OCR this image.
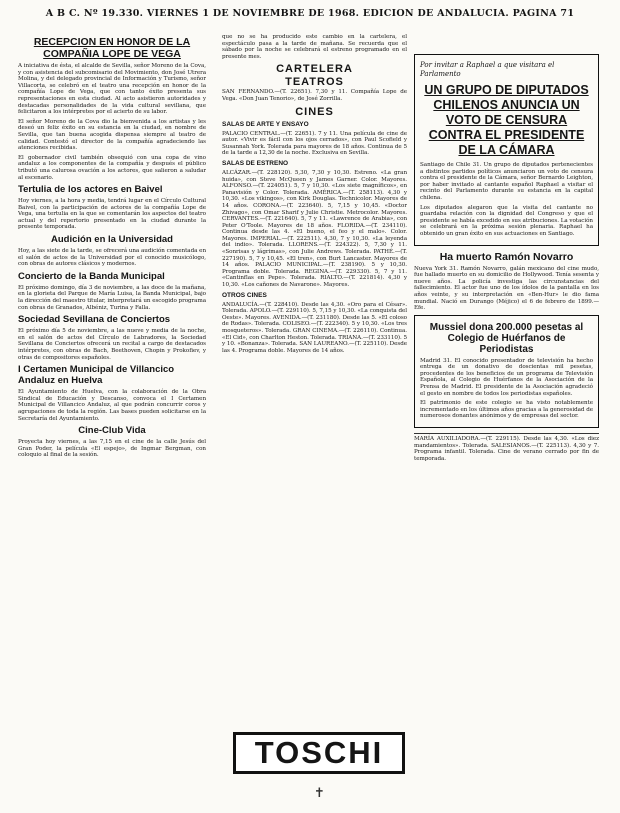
A B C. Nº 19.330. VIERNES 1 DE NOVIEMBRE DE 1968. EDICION DE ANDALUCIA. PAGINA 71
RECEPCION EN HONOR DE LA COMPAÑIA LOPE DE VEGA

A iniciativa de ésta, el alcalde de Sevilla, señor Moreno de la Cova, y con asistencia del subcomisario del Movimiento, don José Utrera Molina, y del delegado provincial de Información y Turismo, señor Villacorta, se celebró en el teatro una recepción en honor de la compañía Lope de Vega, que con tanto éxito presenta sus representaciones en esta ciudad. Al acto asistieron autoridades y destacadas personalidades de la vida cultural sevillana, que felicitaron a los intérpretes por el acierto de su labor.

El señor Moreno de la Cova dio la bienvenida a los artistas y les deseó un feliz éxito en su estancia en la ciudad, en nombre de Sevilla, que tan buena acogida dispensa siempre al teatro de calidad. Contestó el director de la compañía agradeciendo las atenciones recibidas.

El gobernador civil también obsequió con una copa de vino andaluz a los componentes de la compañía y después el público tributó una calurosa ovación a los actores, que salieron a saludar al escenario.

Tertulia de los actores en Baivel

Hoy viernes, a la hora y media, tendrá lugar en el Círculo Cultural Baivel, con la participación de actores de la compañía Lope de Vega, una tertulia en la que se comentarán los aspectos del teatro actual y del repertorio presentado en la ciudad durante la presente temporada.

Audición en la Universidad

Hoy, a las siete de la tarde, se ofrecerá una audición comentada en el salón de actos de la Universidad por el conocido musicólogo, con obras de autores clásicos y modernos.

Concierto de la Banda Municipal

El próximo domingo, día 3 de noviembre, a las doce de la mañana, en la glorieta del Parque de María Luisa, la Banda Municipal, bajo la dirección del maestro titular, interpretará un escogido programa con obras de Granados, Albéniz, Turina y Falla.

Sociedad Sevillana de Conciertos

El próximo día 5 de noviembre, a las nueve y media de la noche, en el salón de actos del Círculo de Labradores, la Sociedad Sevillana de Conciertos ofrecerá un recital a cargo de destacados intérpretes, con obras de Bach, Beethoven, Chopin y Prokofiev, y otras de compositores españoles.

I Certamen Municipal de Villancico Andaluz en Huelva

El Ayuntamiento de Huelva, con la colaboración de la Obra Sindical de Educación y Descanso, convoca el I Certamen Municipal de Villancico Andaluz, al que podrán concurrir coros y agrupaciones de toda la región. Las bases pueden solicitarse en la Secretaría del Ayuntamiento.

Cine-Club Vida

Proyecta hoy viernes, a las 7,15 en el cine de la calle Jesús del Gran Poder, la película «El espejo», de Ingmar Bergman, con coloquio al final de la sesión.

que no se ha producido este cambio en la cartelera, el espectáculo pasa a la tarde de mañana. Se recuerda que el sábado por la noche se celebrará el estreno programado en el presente mes.

CARTELERA
TEATROS

SAN FERNANDO.—(T. 22651). 7,30 y 11. Compañía Lope de Vega. «Don Juan Tenorio», de José Zorrilla.

CINES
SALAS DE ARTE Y ENSAYO

PALACIO CENTRAL.—(T. 22651). 7 y 11. Una película de cine de autor. «Vivir es fácil con los ojos cerrados», con Paul Scofield y Susannah York. Tolerada para mayores de 18 años. Continua de 5 de la tarde a 12,30 de la noche. Exclusiva en Sevilla.

SALAS DE ESTRENO

ALCÁZAR.—(T. 228120). 5,30, 7,30 y 10,30. Estreno. «La gran huida», con Steve McQueen y James Garner. Color. Mayores. ALFONSO.—(T. 224051). 5, 7 y 10,30. «Los siete magníficos», en Panavisión y Color. Tolerada. AMÉRICA.—(T. 258113). 4,30 y 10,30. «Los vikingos», con Kirk Douglas. Technicolor. Mayores de 14 años. CORONA.—(T. 223640). 5, 7,15 y 10,45. «Doctor Zhivago», con Omar Sharif y Julie Christie. Metrocolor. Mayores. CERVANTES.—(T. 221640). 5, 7 y 11. «Lawrence de Arabia», con Peter O'Toole. Mayores de 18 años. FLORIDA.—(T. 234110). Continua desde las 4. «El bueno, el feo y el malo». Color. Mayores. IMPERIAL.—(T. 222511). 4,30, 7 y 10,30. «La leyenda del indio». Tolerada. LLORENS.—(T. 224322). 5, 7,30 y 11. «Sonrisas y lágrimas», con Julie Andrews. Tolerada. PATHÉ.—(T. 227190). 5, 7 y 10,45. «El tren», con Burt Lancaster. Mayores de 14 años. PALACIO MUNICIPAL.—(T. 238190). 5 y 10,30. Programa doble. Tolerada. REGINA.—(T. 229330). 5, 7 y 11. «Cantinflas en Pepe». Tolerada. RIALTO.—(T. 221814). 4,30 y 10,30. «Los cañones de Navarone». Mayores.

OTROS CINES

ANDALUCÍA.—(T. 228410). Desde las 4,30. «Oro para el César». Tolerada. APOLO.—(T. 229110). 5, 7,15 y 10,30. «La conquista del Oeste». Mayores. AVENIDA.—(T. 231180). Desde las 5. «El coloso de Rodas». Tolerada. COLISEO.—(T. 222340). 5 y 10,30. «Los tres mosqueteros». Tolerada. GRAN CINEMA.—(T. 226110). Continua. «El Cid», con Charlton Heston. Tolerada. TRIANA.—(T. 233110). 5 y 10. «Bonanza». Tolerada. SAN LAUREANO.—(T. 225110). Desde las 4. Programa doble. Mayores de 14 años.

TOSCHI
✝
Por invitar a Raphael a que visitara el Parlamento
UN GRUPO DE DIPUTADOS CHILENOS ANUNCIA UN VOTO DE CENSURA CONTRA EL PRESIDENTE DE LA CÁMARA

Santiago de Chile 31. Un grupo de diputados pertenecientes a distintos partidos políticos anunciaron un voto de censura contra el presidente de la Cámara, señor Bernardo Leighton, por haber invitado al cantante español Raphael a visitar el recinto del Parlamento durante su estancia en la capital chilena.

Los diputados alegaron que la visita del cantante no guardaba relación con la dignidad del Congreso y que el presidente se había excedido en sus atribuciones. La votación se celebrará en la próxima sesión plenaria. Raphael ha obtenido un gran éxito en sus actuaciones en Santiago.

Ha muerto Ramón Novarro

Nueva York 31. Ramón Novarro, galán mexicano del cine mudo, fue hallado muerto en su domicilio de Hollywood. Tenía sesenta y nueve años. La policía investiga las circunstancias del fallecimiento. El actor fue uno de los ídolos de la pantalla en los años veinte, y su interpretación en «Ben-Hur» le dio fama mundial. Nació en Durango (Méjico) el 6 de febrero de 1899.—Efe.

Mussiel dona 200.000 pesetas al Colegio de Huérfanos de Periodistas

Madrid 31. El conocido presentador de televisión ha hecho entrega de un donativo de doscientas mil pesetas, procedentes de los beneficios de un programa de Televisión Española, al Colegio de Huérfanos de la Asociación de la Prensa de Madrid. El presidente de la Asociación agradeció el gesto en nombre de todos los periodistas españoles.

El patrimonio de este colegio se ha visto notablemente incrementado en los últimos años gracias a la generosidad de numerosos donantes anónimos y de empresas del sector.

MARÍA AUXILIADORA.—(T. 229115). Desde las 4,30. «Los diez mandamientos». Tolerada. SALESIANOS.—(T. 225113). 4,30 y 7. Programa infantil. Tolerada. Cine de verano cerrado por fin de temporada.
